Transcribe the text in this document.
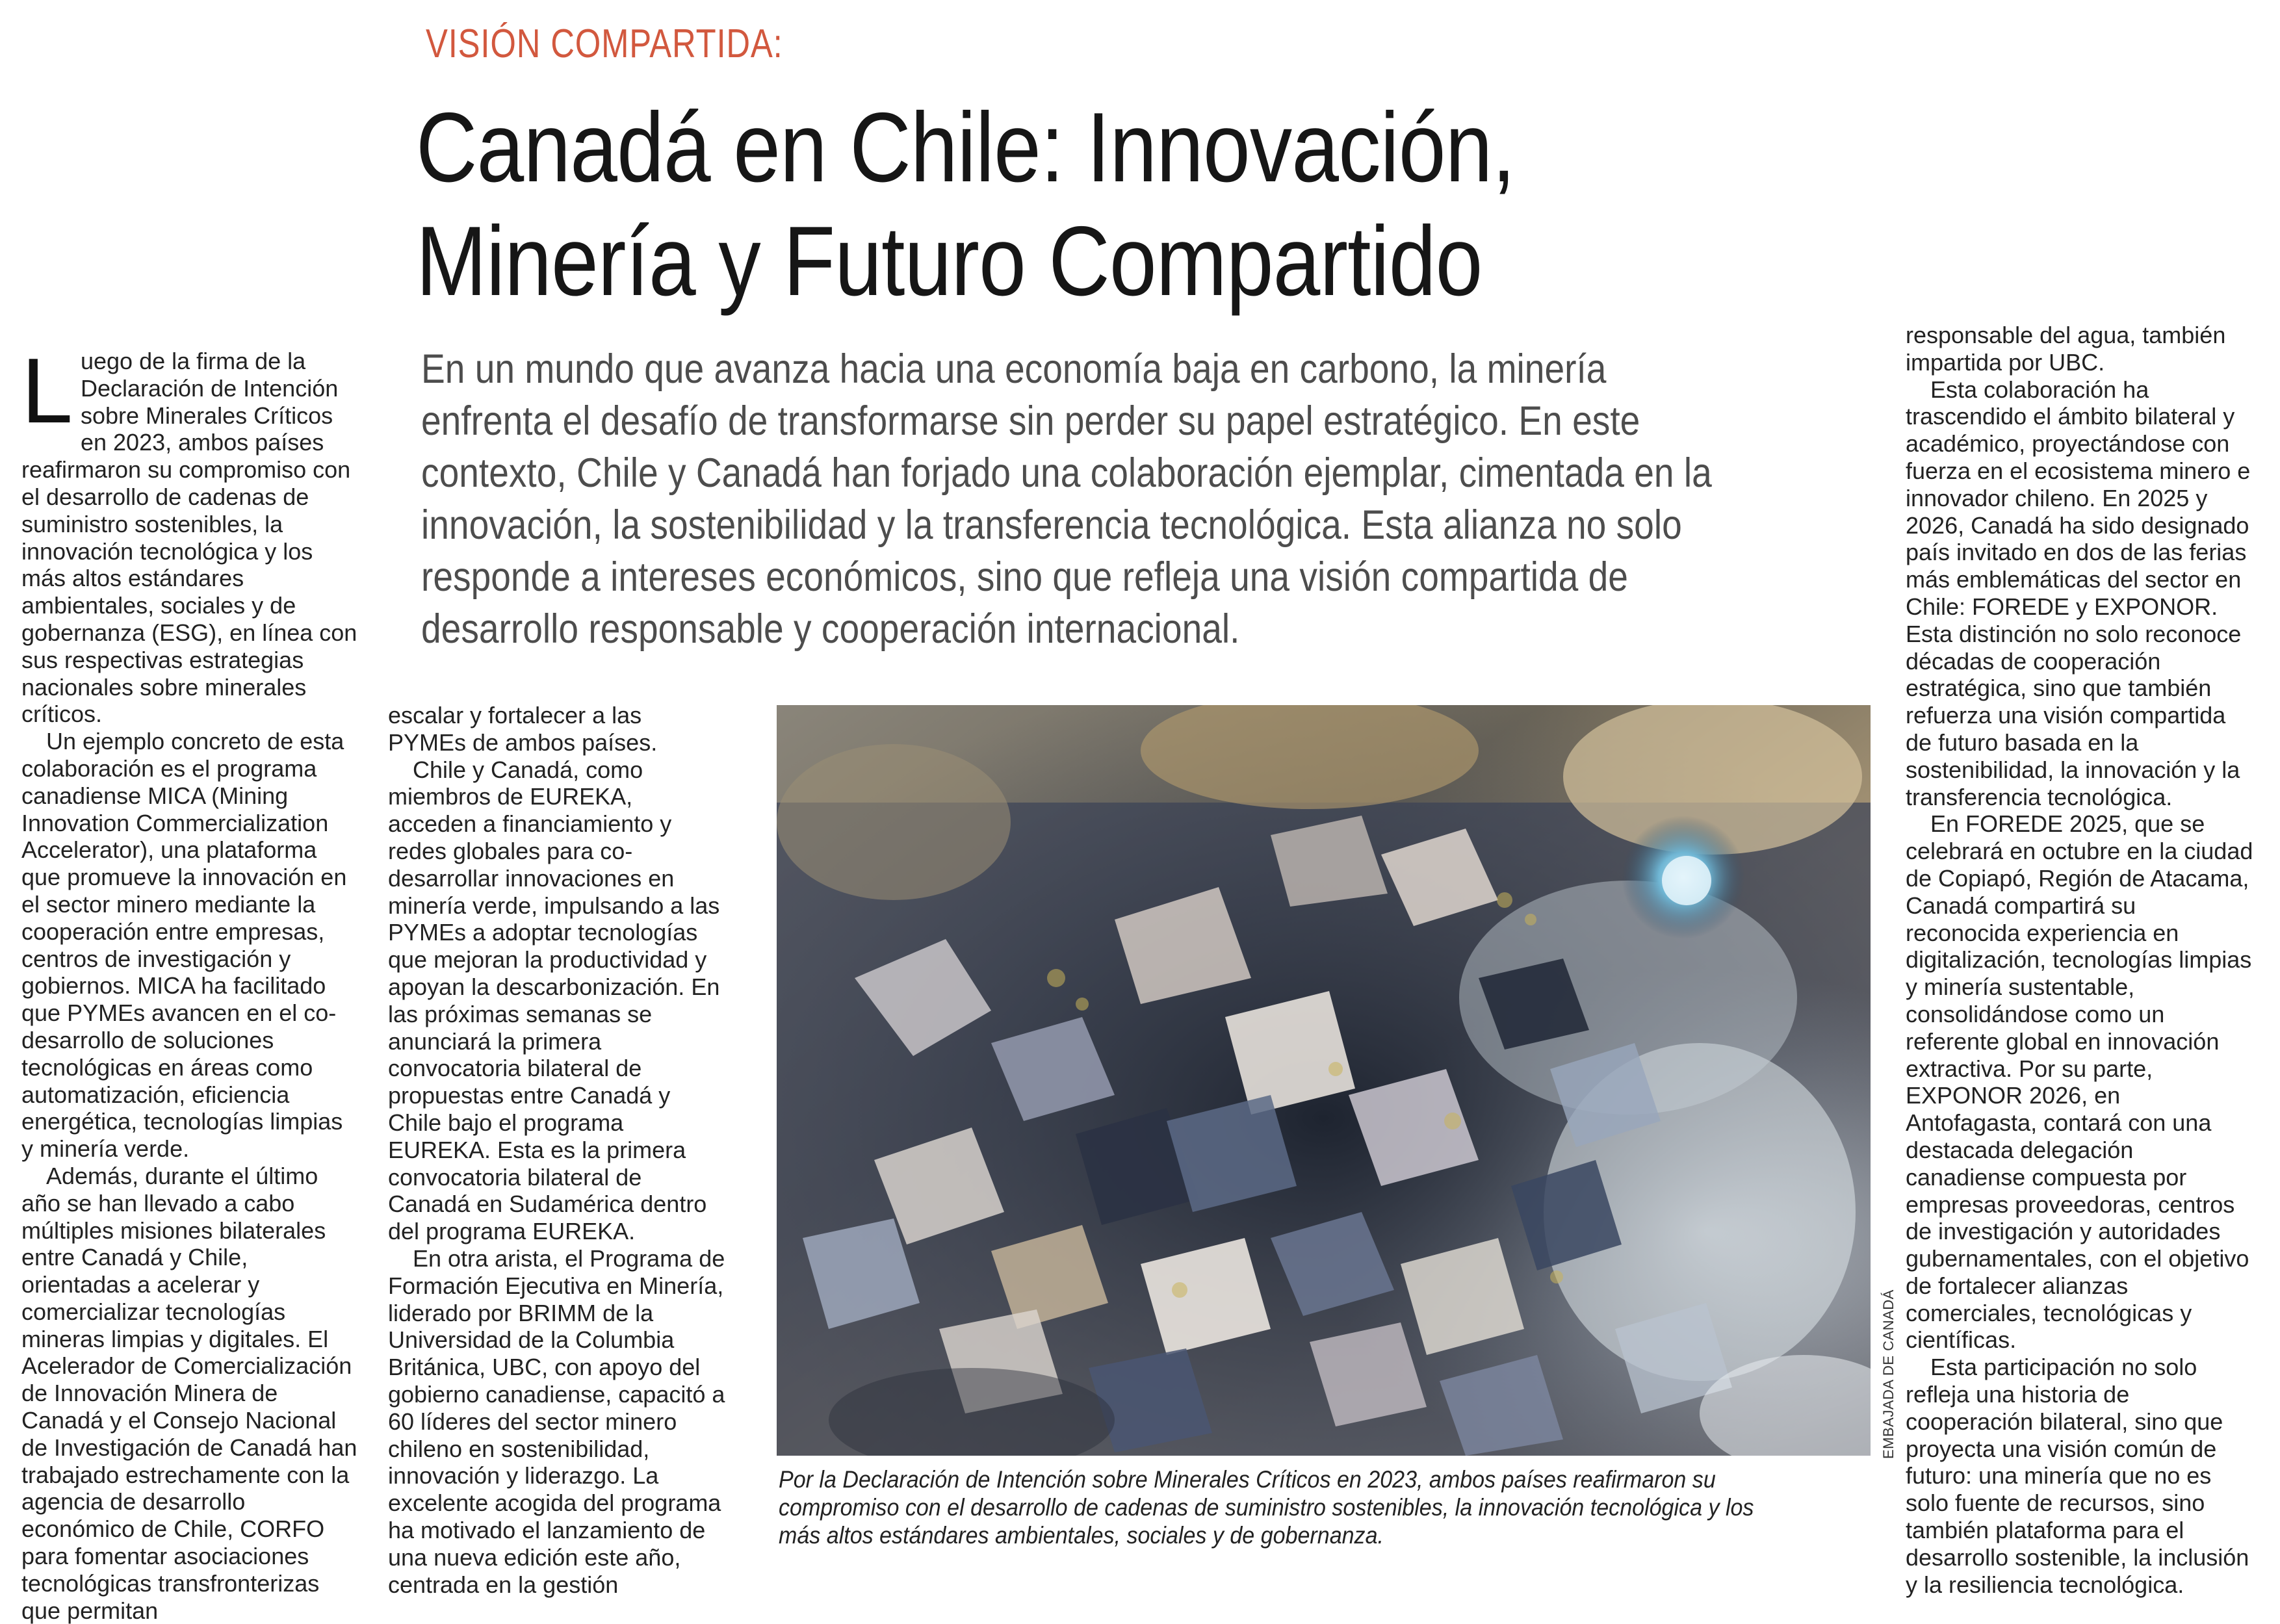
VISIÓN COMPARTIDA:
Canadá en Chile: Innovación,
Minería y Futuro Compartido

En un mundo que avanza hacia una economía baja en carbono, la minería enfrenta el desafío de transformarse sin perder su papel estratégico. En este contexto, Chile y Canadá han forjado una colaboración ejemplar, cimentada en la innovación, la sostenibilidad y la transferencia tecnológica. Esta alianza no solo responde a intereses económicos, sino que refleja una visión compartida de desarrollo responsable y cooperación internacional.

L uego de la firma de la Declaración de Intención sobre Minerales Críticos en 2023, ambos países reafirmaron su compromiso con el desarrollo de cadenas de suministro sostenibles, la innovación tecnológica y los más altos estándares ambientales, sociales y de gobernanza (ESG), en línea con sus respectivas estrategias nacionales sobre minerales críticos.

Un ejemplo concreto de esta colaboración es el programa canadiense MICA (Mining Innovation Commercialization Accelerator), una plataforma que promueve la innovación en el sector minero mediante la cooperación entre empresas, centros de investigación y gobiernos. MICA ha facilitado que PYMEs avancen en el co-desarrollo de soluciones tecnológicas en áreas como automatización, eficiencia energética, tecnologías limpias y minería verde.

Además, durante el último año se han llevado a cabo múltiples misiones bilaterales entre Canadá y Chile, orientadas a acelerar y comercializar tecnologías mineras limpias y digitales. El Acelerador de Comercialización de Innovación Minera de Canadá y el Consejo Nacional de Investigación de Canadá han trabajado estrechamente con la agencia de desarrollo económico de Chile, CORFO para fomentar asociaciones tecnológicas transfronterizas que permitan

escalar y fortalecer a las PYMEs de ambos países.

Chile y Canadá, como miembros de EUREKA, acceden a financiamiento y redes globales para co-desarrollar innovaciones en minería verde, impulsando a las PYMEs a adoptar tecnologías que mejoran la productividad y apoyan la descarbonización. En las próximas semanas se anunciará la primera convocatoria bilateral de propuestas entre Canadá y Chile bajo el programa EUREKA. Esta es la primera convocatoria bilateral de Canadá en Sudamérica dentro del programa EUREKA.

En otra arista, el Programa de Formación Ejecutiva en Minería, liderado por BRIMM de la Universidad de la Columbia Británica, UBC, con apoyo del gobierno canadiense, capacitó a 60 líderes del sector minero chileno en sostenibilidad, innovación y liderazgo. La excelente acogida del programa ha motivado el lanzamiento de una nueva edición este año, centrada en la gestión

EMBAJADA DE CANADÁ

Por la Declaración de Intención sobre Minerales Críticos en 2023, ambos países reafirmaron su compromiso con el desarrollo de cadenas de suministro sostenibles, la innovación tecnológica y los más altos estándares ambientales, sociales y de gobernanza.

responsable del agua, también impartida por UBC.

Esta colaboración ha trascendido el ámbito bilateral y académico, proyectándose con fuerza en el ecosistema minero e innovador chileno. En 2025 y 2026, Canadá ha sido designado país invitado en dos de las ferias más emblemáticas del sector en Chile: FOREDE y EXPONOR. Esta distinción no solo reconoce décadas de cooperación estratégica, sino que también refuerza una visión compartida de futuro basada en la sostenibilidad, la innovación y la transferencia tecnológica.

En FOREDE 2025, que se celebrará en octubre en la ciudad de Copiapó, Región de Atacama, Canadá compartirá su reconocida experiencia en digitalización, tecnologías limpias y minería sustentable, consolidándose como un referente global en innovación extractiva. Por su parte, EXPONOR 2026, en Antofagasta, contará con una destacada delegación canadiense compuesta por empresas proveedoras, centros de investigación y autoridades gubernamentales, con el objetivo de fortalecer alianzas comerciales, tecnológicas y científicas.

Esta participación no solo refleja una historia de cooperación bilateral, sino que proyecta una visión común de futuro: una minería que no es solo fuente de recursos, sino también plataforma para el desarrollo sostenible, la inclusión y la resiliencia tecnológica.
